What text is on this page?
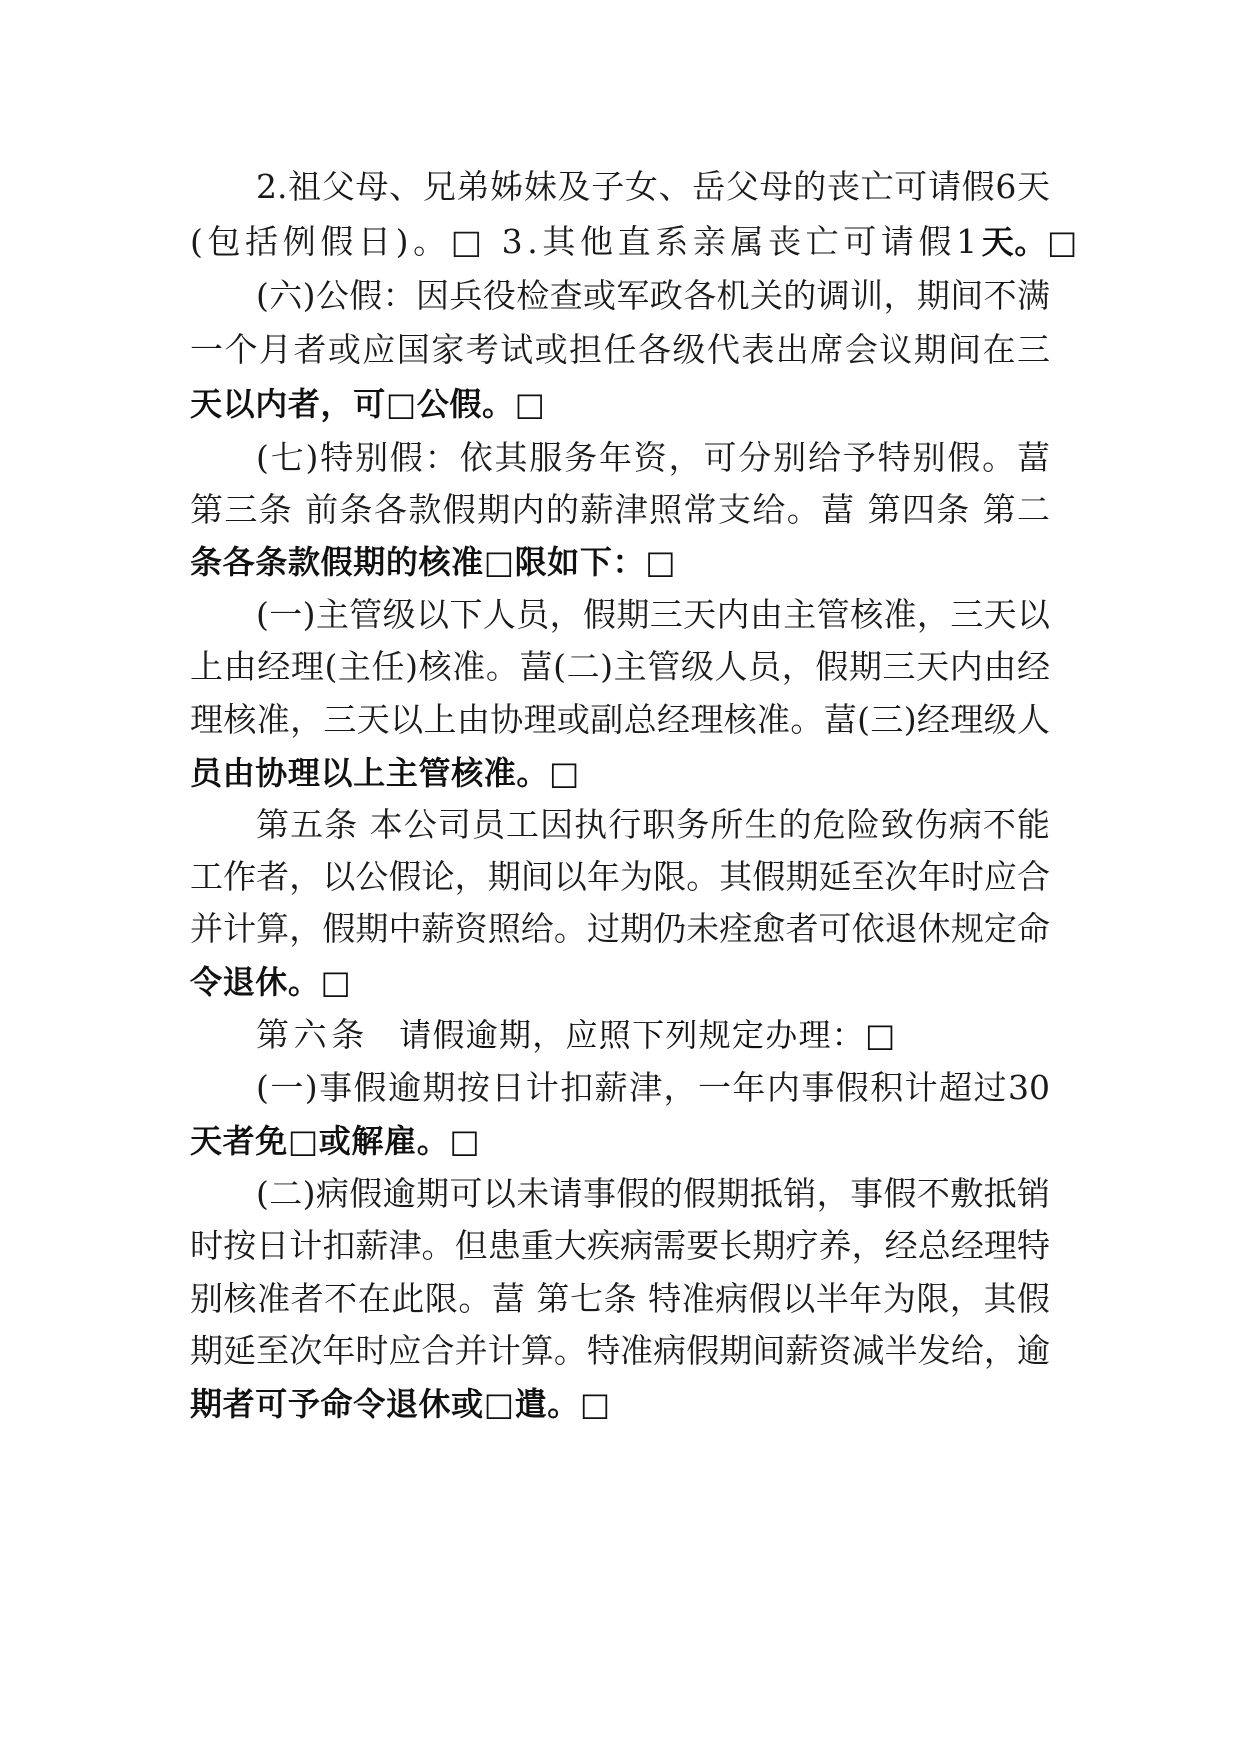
2.祖父母、兄弟姊妹及子女、岳父母的丧亡可请假6天
(包括例假日)。□ 3.其他直系亲属丧亡可请假1天。□
(六)公假：因兵役检查或军政各机关的调训，期间不满
一个月者或应国家考试或担任各级代表出席会议期间在三
天以内者，可□公假。□
(七)特别假：依其服务年资，可分别给予特别假。葍
第三条 前条各款假期内的薪津照常支给。葍 第四条 第二
条各条款假期的核准□限如下：□
(一)主管级以下人员，假期三天内由主管核准，三天以
上由经理(主任)核准。葍(二)主管级人员，假期三天内由经
理核准，三天以上由协理或副总经理核准。葍(三)经理级人
员由协理以上主管核准。□
第五条 本公司员工因执行职务所生的危险致伤病不能
工作者，以公假论，期间以年为限。其假期延至次年时应合
并计算，假期中薪资照给。过期仍未痊愈者可依退休规定命
令退休。□
第六条 请假逾期，应照下列规定办理：□
(一)事假逾期按日计扣薪津，一年内事假积计超过30
天者免□或解雇。□
(二)病假逾期可以未请事假的假期抵销，事假不敷抵销
时按日计扣薪津。但患重大疾病需要长期疗养，经总经理特
别核准者不在此限。葍 第七条 特准病假以半年为限，其假
期延至次年时应合并计算。特准病假期间薪资减半发给，逾
期者可予命令退休或□遣。□
